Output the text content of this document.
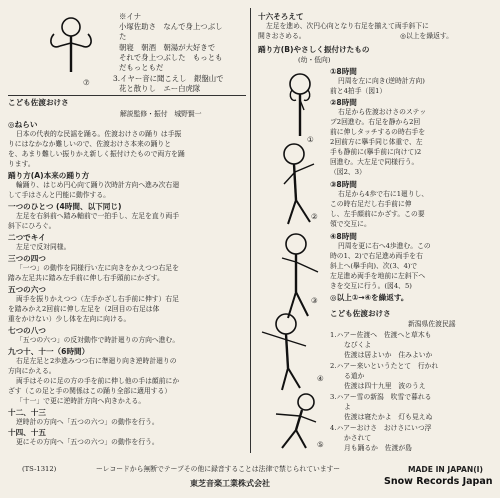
⑦
※イナ
小塚佐助さ　なんで身上つぶし
た
朝寝　朝酒　朝湯が大好きで
それで身上つぶした　もっとも
だもっともだ
3.イヤー音に聞こえし　銀盤山で
花と散りし　エー白虎隊
こども佐渡おけさ
解説監修・振付　城野賢一
◎ねらい
日本の代表的な民謡を踊る。佐渡おけさの踊り は手振
りにはなかなか難しいので、佐渡おけさ本来の踊りと
を、あまり難しい振りかえ新しく振付けたもので両方を踊
ります。
踊り方(A)本来の踊り方
輪踊り、はじめ円心向て踊り次時計方向へ進み次右廻
して手はさんと円能に動作する。
一つのひとつ (4時間、以下同じ)
左足を右斜前へ踏み軸前で一拍手し、左足を直り両手
斜下にひろぐ。
二つでキイ
左足で反対同様。
三つの四つ
「一つ」の動作を同様行い左に向きをかえつつ右足を
踏み左足共に踏み左手前に伸し右手頭前にかざす。
五つの六つ
両手を振りかえつつ（左手かざし右手前に伸す）右足
を踏みかえ2回前に伸し左足を（2回目の右足は体
重をかけない）少し体を左向に向ける。
七つの八つ
「五つの六つ」の反対動作で時計廻りの方向へ進む。
九つ十、十一（6時間）
右足左足と2歩進みつつ右に準廻り向き逆時計廻りの
方向にかえる。
両手はそのに足の方の手を前に伸し他の手は顔前にか
ざす（この足と手の関係はこの踊り全部に適用する）
「十一」で更に逆時計方向へ向きかえる。
十二、十三
逆時計の方向へ「五つの六つ」の動作を行う。
十四、十五
更にその方向へ「五つの六つ」の動作を行う。
①
②
③
④
⑤
十六そろえて
左足を進め、次円心向となり右足を揃えて両手斜下に
開きおさめる。	◎以上を繰返す。
踊り方(B)やさしく振付けたもの
(幼・低向)
①8時間
円周を左に向き(逆時計方向)
前と4拍手（図1）
②8時間
右足から佐渡おけさのステッ
プ2回進む。右足を静から2回
前に伸しタッチするの時右手を
2回前方に擧手同じ体重で、左
手も静前に(擧手前に向けて)2
回進む。大左足で同様行う。
（図2、3）
③8時間
右足から4歩で右に1廻りし、
この時右足だし右手前に伸
し、左手顔前にかざす。この要
領で交互に。
④8時間
円周を更に右へ4歩進む。この
時の1、2)で右足進め両手を右
斜上へ(擧手向)、次(3、4)で
左足進め両手を地前に左斜下へ
きを交互に行う。(図4、5)
◎以上①→④を繰返す。
こども佐渡おけさ
新潟県佐渡民謡
1.ハアー佐渡へ　佐渡へと草木も
なびくよ
佐渡は居よいか　住みよいか
2.ハアー来いというたとて　行かれ
る道か
佐渡は四十九里　波のうえ
3.ハアー雪の新潟　吹雪で暮れる
よ
佐渡は寝たかよ　灯も見えぬ
4.ハアーおけさ　おけさにいつ浮
かされて
月も踊るか　佐渡が島
(TS-1312)	ーレコードから無断でテープその他に録音することは法律で禁じられていますー	MADE IN JAPAN(I)
東芝音楽工業株式会社	Snow Records Japan
